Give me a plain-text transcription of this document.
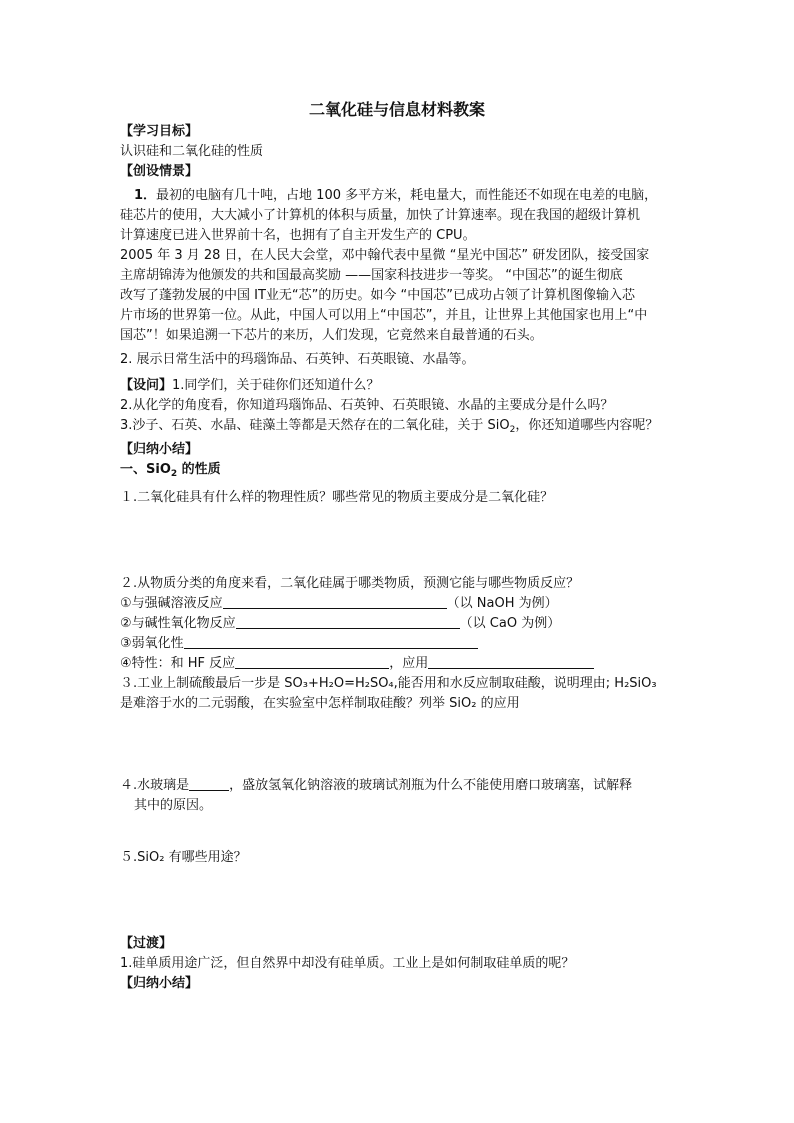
二氧化硅与信息材料教案
【学习目标】
认识硅和二氧化硅的性质
【创设情景】
1．最初的电脑有几十吨，占地 100 多平方米，耗电量大，而性能还不如现在电差的电脑，
硅芯片的使用，大大减小了计算机的体积与质量，加快了计算速率。现在我国的超级计算机
计算速度已进入世界前十名，也拥有了自主开发生产的 CPU。
2005 年 3 月 28 日，在人民大会堂，邓中翰代表中星微 “星光中国芯” 研发团队，接受国家
主席胡锦涛为他颁发的共和国最高奖励 ——国家科技进步一等奖。 “中国芯”的诞生彻底
改写了蓬勃发展的中国 IT业无“芯”的历史。如今 “中国芯”已成功占领了计算机图像输入芯
片市场的世界第一位。从此，中国人可以用上“中国芯”，并且，让世界上其他国家也用上“中
国芯”！如果追溯一下芯片的来历，人们发现，它竟然来自最普通的石头。
2. 展示日常生活中的玛瑙饰品、石英钟、石英眼镜、水晶等。
【设问】1.同学们，关于硅你们还知道什么？
2.从化学的角度看，你知道玛瑙饰品、石英钟、石英眼镜、水晶的主要成分是什么吗？
3.沙子、石英、水晶、硅藻土等都是天然存在的二氧化硅，关于 SiO$_2$，你还知道哪些内容呢？
【归纳小结】
一、SiO$_2$ 的性质
１.二氧化硅具有什么样的物理性质？哪些常见的物质主要成分是二氧化硅？
２.从物质分类的角度来看，二氧化硅属于哪类物质，预测它能与哪些物质反应？
①与强碱溶液反应	（以 NaOH 为例）
②与碱性氧化物反应	（以 CaO 为例）
③弱氧化性
④特性：和 HF 反应	，应用
３.工业上制硫酸最后一步是 SO₃+H₂O=H₂SO₄,能否用和水反应制取硅酸，说明理由; H₂SiO₃
是难溶于水的二元弱酸，在实验室中怎样制取硅酸？列举 SiO₂ 的应用
４.水玻璃是	，盛放氢氧化钠溶液的玻璃试剂瓶为什么不能使用磨口玻璃塞，试解释
其中的原因。
５.SiO₂ 有哪些用途？
【过渡】
1.硅单质用途广泛，但自然界中却没有硅单质。工业上是如何制取硅单质的呢？
【归纳小结】
